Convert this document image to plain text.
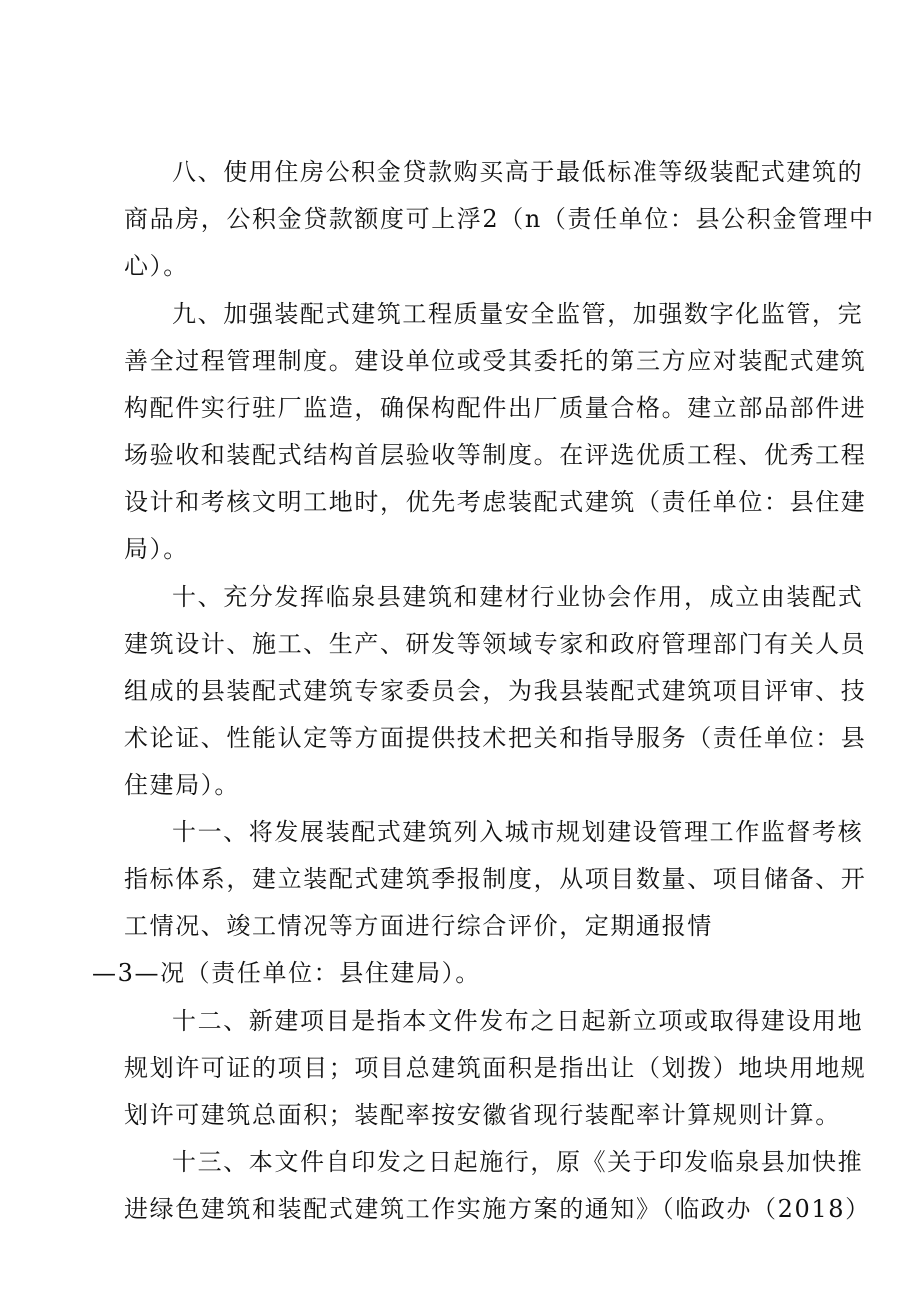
八、使用住房公积金贷款购买高于最低标准等级装配式建筑的
商品房，公积金贷款额度可上浮2（n（责任单位：县公积金管理中
心）。
九、加强装配式建筑工程质量安全监管，加强数字化监管，完
善全过程管理制度。建设单位或受其委托的第三方应对装配式建筑
构配件实行驻厂监造，确保构配件出厂质量合格。建立部品部件进
场验收和装配式结构首层验收等制度。在评选优质工程、优秀工程
设计和考核文明工地时，优先考虑装配式建筑（责任单位：县住建
局）。
十、充分发挥临泉县建筑和建材行业协会作用，成立由装配式
建筑设计、施工、生产、研发等领域专家和政府管理部门有关人员
组成的县装配式建筑专家委员会，为我县装配式建筑项目评审、技
术论证、性能认定等方面提供技术把关和指导服务（责任单位：县
住建局）。
十一、将发展装配式建筑列入城市规划建设管理工作监督考核
指标体系，建立装配式建筑季报制度，从项目数量、项目储备、开
工情况、竣工情况等方面进行综合评价，定期通报情
—3—况（责任单位：县住建局）。
十二、新建项目是指本文件发布之日起新立项或取得建设用地
规划许可证的项目；项目总建筑面积是指出让（划拨）地块用地规
划许可建筑总面积；装配率按安徽省现行装配率计算规则计算。
十三、本文件自印发之日起施行，原《关于印发临泉县加快推
进绿色建筑和装配式建筑工作实施方案的通知》（临政办（2018）
